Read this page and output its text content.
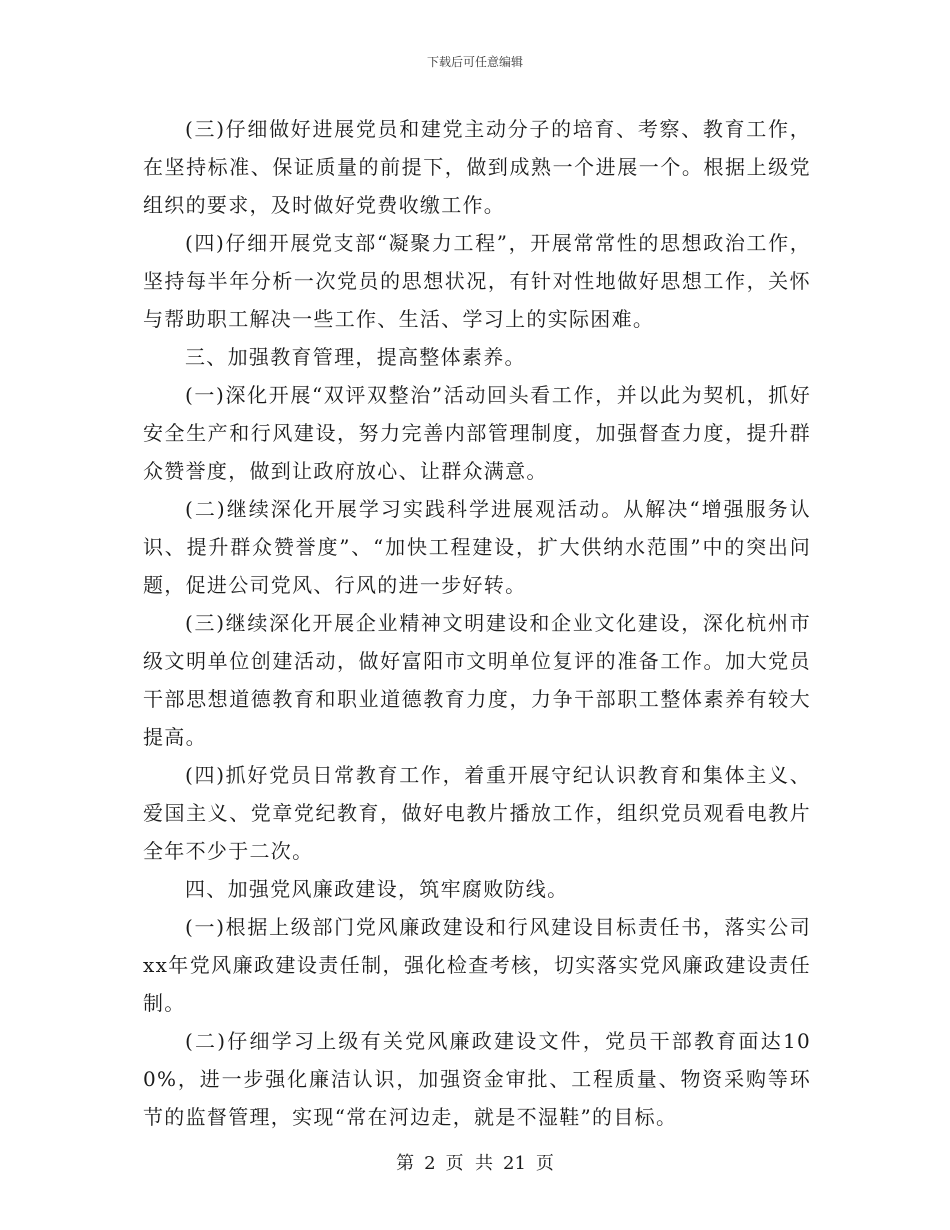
下载后可任意编辑

(三)仔细做好进展党员和建党主动分子的培育、考察、教育工作，在坚持标准、保证质量的前提下，做到成熟一个进展一个。根据上级党组织的要求，及时做好党费收缴工作。

(四)仔细开展党支部“凝聚力工程”，开展常常性的思想政治工作，坚持每半年分析一次党员的思想状况，有针对性地做好思想工作，关怀与帮助职工解决一些工作、生活、学习上的实际困难。

三、加强教育管理，提高整体素养。

(一)深化开展“双评双整治”活动回头看工作，并以此为契机，抓好安全生产和行风建设，努力完善内部管理制度，加强督查力度，提升群众赞誉度，做到让政府放心、让群众满意。

(二)继续深化开展学习实践科学进展观活动。从解决“增强服务认识、提升群众赞誉度”、“加快工程建设，扩大供纳水范围”中的突出问题，促进公司党风、行风的进一步好转。

(三)继续深化开展企业精神文明建设和企业文化建设，深化杭州市级文明单位创建活动，做好富阳市文明单位复评的准备工作。加大党员干部思想道德教育和职业道德教育力度，力争干部职工整体素养有较大提高。

(四)抓好党员日常教育工作，着重开展守纪认识教育和集体主义、爱国主义、党章党纪教育，做好电教片播放工作，组织党员观看电教片全年不少于二次。

四、加强党风廉政建设，筑牢腐败防线。

(一)根据上级部门党风廉政建设和行风建设目标责任书，落实公司xx年党风廉政建设责任制，强化检查考核，切实落实党风廉政建设责任制。

(二)仔细学习上级有关党风廉政建设文件，党员干部教育面达100%，进一步强化廉洁认识，加强资金审批、工程质量、物资采购等环节的监督管理，实现“常在河边走，就是不湿鞋”的目标。

第 2 页  共 21 页
